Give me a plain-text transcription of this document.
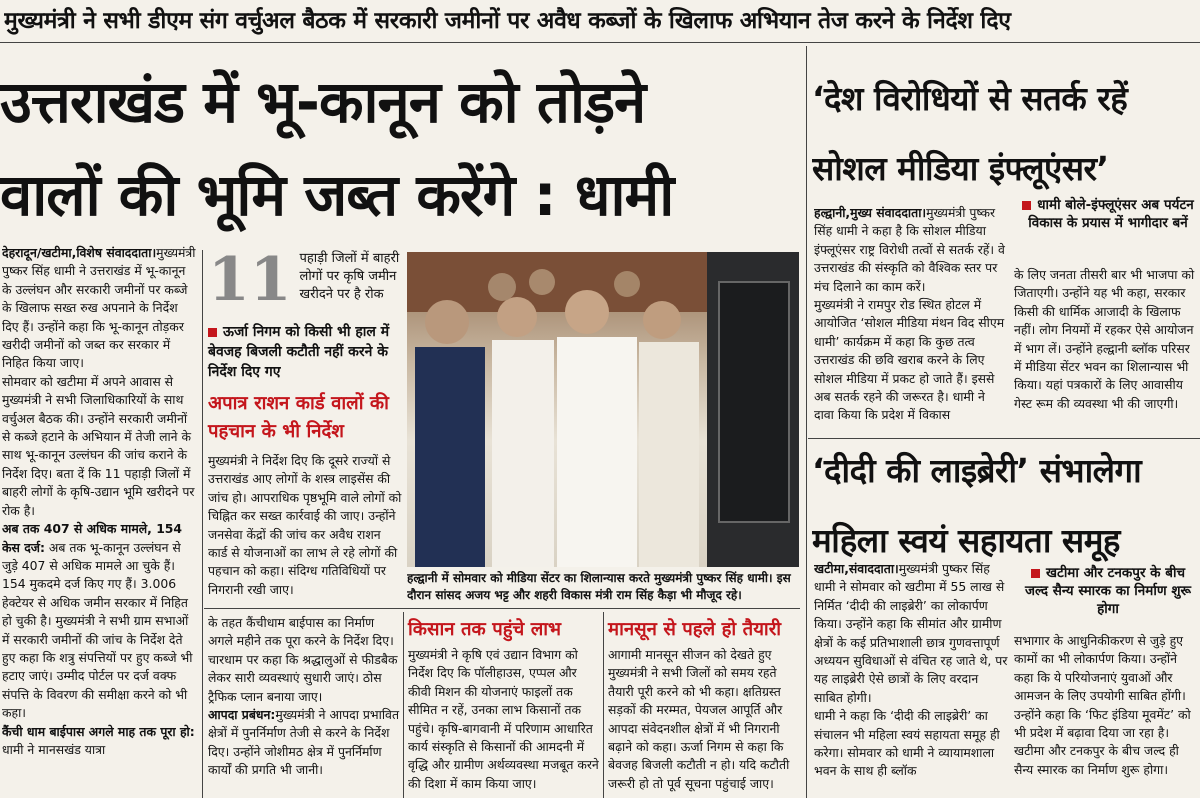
मुख्यमंत्री ने सभी डीएम संग वर्चुअल बैठक में सरकारी जमीनों पर अवैध कब्जों के खिलाफ अभियान तेज करने के निर्देश दिए
उत्तराखंड में भू-कानून को तोड़ने
वालों की भूमि जब्त करेंगे : धामी

देहरादून/खटीमा,विशेष संवाददाता।मुख्यमंत्री पुष्कर सिंह धामी ने उत्तराखंड में भू-कानून के उल्लंघन और सरकारी जमीनों पर कब्जे के खिलाफ सख्त रुख अपनाने के निर्देश दिए हैं। उन्होंने कहा कि भू-कानून तोड़कर खरीदी जमीनों को जब्त कर सरकार में निहित किया जाए।

सोमवार को खटीमा में अपने आवास से मुख्यमंत्री ने सभी जिलाधिकारियों के साथ वर्चुअल बैठक की। उन्होंने सरकारी जमीनों से कब्जे हटाने के अभियान में तेजी लाने के साथ भू-कानून उल्लंघन की जांच कराने के निर्देश दिए। बता दें कि 11 पहाड़ी जिलों में बाहरी लोगों के कृषि-उद्यान भूमि खरीदने पर रोक है।

अब तक 407 से अधिक मामले, 154 केस दर्ज: अब तक भू-कानून उल्लंघन से जुड़े 407 से अधिक मामले आ चुके हैं। 154 मुकदमे दर्ज किए गए हैं। 3.006 हेक्टेयर से अधिक जमीन सरकार में निहित हो चुकी है। मुख्यमंत्री ने सभी ग्राम सभाओं में सरकारी जमीनों की जांच के निर्देश देते हुए कहा कि शत्रु संपत्तियों पर हुए कब्जे भी हटाए जाएं। उम्मीद पोर्टल पर दर्ज वक्फ संपत्ति के विवरण की समीक्षा करने को भी कहा।

कैंची धाम बाईपास अगले माह तक पूरा हो: धामी ने मानसखंड यात्रा

11 पहाड़ी जिलों में बाहरी लोगों पर कृषि जमीन खरीदने पर है रोक
ऊर्जा निगम को किसी भी हाल में बेवजह बिजली कटौती नहीं करने के निर्देश दिए गए
अपात्र राशन कार्ड वालों की पहचान के भी निर्देश
मुख्यमंत्री ने निर्देश दिए कि दूसरे राज्यों से उत्तराखंड आए लोगों के शस्त्र लाइसेंस की जांच हो। आपराधिक पृष्ठभूमि वाले लोगों को चिह्नित कर सख्त कार्रवाई की जाए। उन्होंने जनसेवा केंद्रों की जांच कर अवैध राशन कार्ड से योजनाओं का लाभ ले रहे लोगों की पहचान को कहा। संदिग्ध गतिविधियों पर निगरानी रखी जाए।
हल्द्वानी में सोमवार को मीडिया सेंटर का शिलान्यास करते मुख्यमंत्री पुष्कर सिंह धामी। इस दौरान सांसद अजय भट्ट और शहरी विकास मंत्री राम सिंह कैड़ा भी मौजूद रहे।

के तहत कैंचीधाम बाईपास का निर्माण अगले महीने तक पूरा करने के निर्देश दिए। चारधाम पर कहा कि श्रद्धालुओं से फीडबैक लेकर सारी व्यवस्थाएं सुधारी जाएं। ठोस ट्रैफिक प्लान बनाया जाए।

आपदा प्रबंधन:मुख्यमंत्री ने आपदा प्रभावित क्षेत्रों में पुनर्निर्माण तेजी से करने के निर्देश दिए। उन्होंने जोशीमठ क्षेत्र में पुनर्निर्माण कार्यों की प्रगति भी जानी।

किसान तक पहुंचे लाभ
मुख्यमंत्री ने कृषि एवं उद्यान विभाग को निर्देश दिए कि पॉलीहाउस, एप्पल और कीवी मिशन की योजनाएं फाइलों तक सीमित न रहें, उनका लाभ किसानों तक पहुंचे। कृषि-बागवानी में परिणाम आधारित कार्य संस्कृति से किसानों की आमदनी में वृद्धि और ग्रामीण अर्थव्यवस्था मजबूत करने की दिशा में काम किया जाए।
मानसून से पहले हो तैयारी
आगामी मानसून सीजन को देखते हुए मुख्यमंत्री ने सभी जिलों को समय रहते तैयारी पूरी करने को भी कहा। क्षतिग्रस्त सड़कों की मरम्मत, पेयजल आपूर्ति और आपदा संवेदनशील क्षेत्रों में भी निगरानी बढ़ाने को कहा। ऊर्जा निगम से कहा कि बेवजह बिजली कटौती न हो। यदि कटौती जरूरी हो तो पूर्व सूचना पहुंचाई जाए।
‘देश विरोधियों से सतर्क रहें
सोशल मीडिया इंफ्लूएंसर’

हल्द्वानी,मुख्य संवाददाता।मुख्यमंत्री पुष्कर सिंह धामी ने कहा है कि सोशल मीडिया इंफ्लूएंसर राष्ट्र विरोधी तत्वों से सतर्क रहें। वे उत्तराखंड की संस्कृति को वैश्विक स्तर पर मंच दिलाने का काम करें।

मुख्यमंत्री ने रामपुर रोड स्थित होटल में आयोजित ‘सोशल मीडिया मंथन विद सीएम धामी’ कार्यक्रम में कहा कि कुछ तत्व उत्तराखंड की छवि खराब करने के लिए सोशल मीडिया में प्रकट हो जाते हैं। इससे अब सतर्क रहने की जरूरत है। धामी ने दावा किया कि प्रदेश में विकास

धामी बोले-इंफ्लूएंसर अब पर्यटन विकास के प्रयास में भागीदार बनें
के लिए जनता तीसरी बार भी भाजपा को जिताएगी। उन्होंने यह भी कहा, सरकार किसी की धार्मिक आजादी के खिलाफ नहीं। लोग नियमों में रहकर ऐसे आयोजन में भाग लें। उन्होंने हल्द्वानी ब्लॉक परिसर में मीडिया सेंटर भवन का शिलान्यास भी किया। यहां पत्रकारों के लिए आवासीय गेस्ट रूम की व्यवस्था भी की जाएगी।
‘दीदी की लाइब्रेरी’ संभालेगा
महिला स्वयं सहायता समूह

खटीमा,संवाददाता।मुख्यमंत्री पुष्कर सिंह धामी ने सोमवार को खटीमा में 55 लाख से निर्मित ‘दीदी की लाइब्रेरी’ का लोकार्पण किया। उन्होंने कहा कि सीमांत और ग्रामीण क्षेत्रों के कई प्रतिभाशाली छात्र गुणवत्तापूर्ण अध्ययन सुविधाओं से वंचित रह जाते थे, पर यह लाइब्रेरी ऐसे छात्रों के लिए वरदान साबित होगी।

धामी ने कहा कि ‘दीदी की लाइब्रेरी’ का संचालन भी महिला स्वयं सहायता समूह ही करेगा। सोमवार को धामी ने व्यायामशाला भवन के साथ ही ब्लॉक

खटीमा और टनकपुर के बीच जल्द सैन्य स्मारक का निर्माण शुरू होगा
सभागार के आधुनिकीकरण से जुड़े हुए कामों का भी लोकार्पण किया। उन्होंने कहा कि ये परियोजनाएं युवाओं और आमजन के लिए उपयोगी साबित होंगी। उन्होंने कहा कि ‘फिट इंडिया मूवमेंट’ को भी प्रदेश में बढ़ावा दिया जा रहा है। खटीमा और टनकपुर के बीच जल्द ही सैन्य स्मारक का निर्माण शुरू होगा।
